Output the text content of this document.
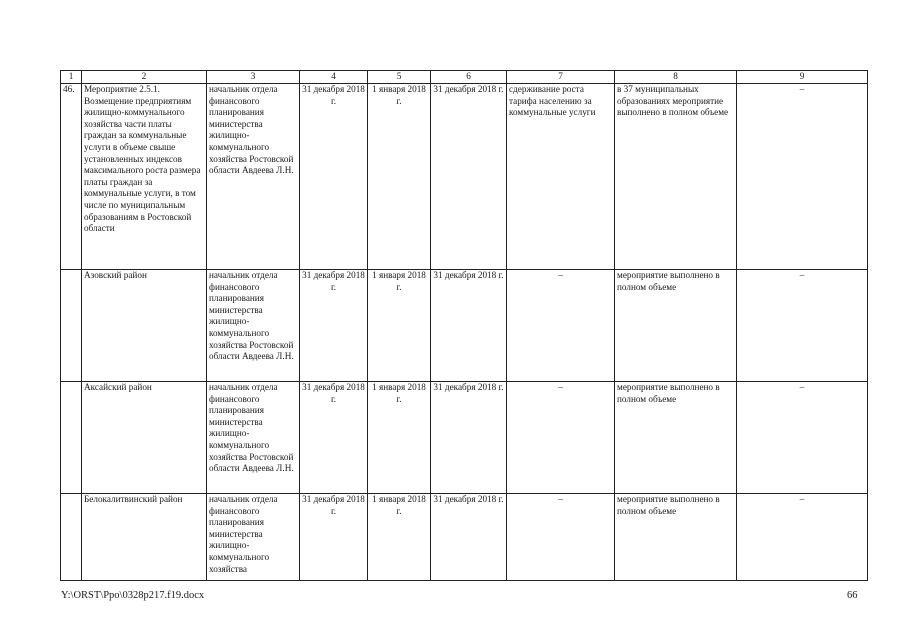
1	2	3	4	5	6	7	8	9
46.	Мероприятие 2.5.1. Возмещение предприятиям жилищно-коммунального хозяйства части платы граждан за коммунальные услуги в объеме свыше установленных индексов максимального роста размера платы граждан за коммунальные услуги, в том числе по муниципальным образованиям в Ростовской области	начальник отдела финансового планирования министерства жилищно-коммунального хозяйства Ростовской области Авдеева Л.Н.	31 декабря 2018 г.	1 января 2018 г.	31 декабря 2018 г.	сдерживание роста тарифа населению за коммунальные услуги	в 37 муниципальных образованиях мероприятие выполнено в полном объеме	–
	Азовский район	начальник отдела финансового планирования министерства жилищно-коммунального хозяйства Ростовской области Авдеева Л.Н.	31 декабря 2018 г.	1 января 2018 г.	31 декабря 2018 г.	–	мероприятие выполнено в полном объеме	–
	Аксайский район	начальник отдела финансового планирования министерства жилищно-коммунального хозяйства Ростовской области Авдеева Л.Н.	31 декабря 2018 г.	1 января 2018 г.	31 декабря 2018 г.	–	мероприятие выполнено в полном объеме	–
	Белокалитвинский район	начальник отдела финансового планирования министерства жилищно-коммунального хозяйства	31 декабря 2018 г.	1 января 2018 г.	31 декабря 2018 г.	–	мероприятие выполнено в полном объеме	–
Y:\ORST\Ppo\0328p217.f19.docx	66
